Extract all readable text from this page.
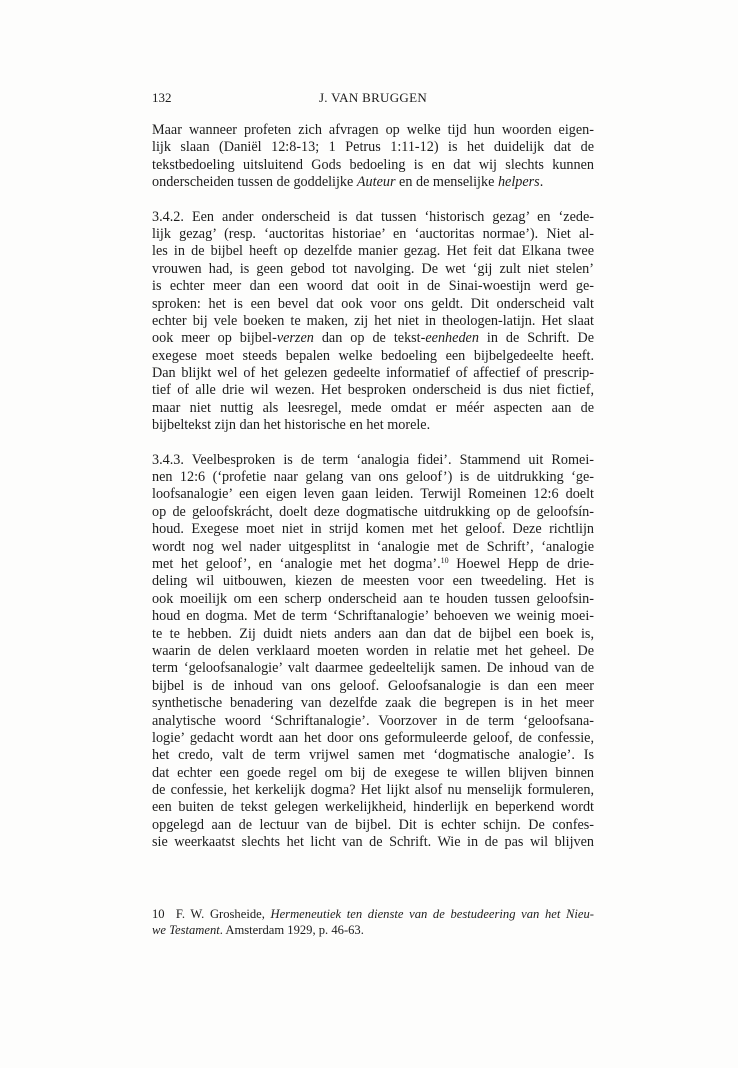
132	J. VAN BRUGGEN

Maar wanneer profeten zich afvragen op welke tijd hun woorden eigen-
lijk slaan (Daniël 12:8-13; 1 Petrus 1:11-12) is het duidelijk dat de
tekstbedoeling uitsluitend Gods bedoeling is en dat wij slechts kunnen
onderscheiden tussen de goddelijke Auteur en de menselijke helpers.

3.4.2. Een ander onderscheid is dat tussen ‘historisch gezag’ en ‘zede-
lijk gezag’ (resp. ‘auctoritas historiae’ en ‘auctoritas normae’). Niet al-
les in de bijbel heeft op dezelfde manier gezag. Het feit dat Elkana twee
vrouwen had, is geen gebod tot navolging. De wet ‘gij zult niet stelen’
is echter meer dan een woord dat ooit in de Sinai-woestijn werd ge-
sproken: het is een bevel dat ook voor ons geldt. Dit onderscheid valt
echter bij vele boeken te maken, zij het niet in theologen-latijn. Het slaat
ook meer op bijbel-verzen dan op de tekst-eenheden in de Schrift. De
exegese moet steeds bepalen welke bedoeling een bijbelgedeelte heeft.
Dan blijkt wel of het gelezen gedeelte informatief of affectief of prescrip-
tief of alle drie wil wezen. Het besproken onderscheid is dus niet fictief,
maar niet nuttig als leesregel, mede omdat er méér aspecten aan de
bijbeltekst zijn dan het historische en het morele.

3.4.3. Veelbesproken is de term ‘analogia fidei’. Stammend uit Romei-
nen 12:6 (‘profetie naar gelang van ons geloof’) is de uitdrukking ‘ge-
loofsanalogie’ een eigen leven gaan leiden. Terwijl Romeinen 12:6 doelt
op de geloofskrácht, doelt deze dogmatische uitdrukking op de geloofsín-
houd. Exegese moet niet in strijd komen met het geloof. Deze richtlijn
wordt nog wel nader uitgesplitst in ‘analogie met de Schrift’, ‘analogie
met het geloof’, en ‘analogie met het dogma’.$^{10}$ Hoewel Hepp de drie-
deling wil uitbouwen, kiezen de meesten voor een tweedeling. Het is
ook moeilijk om een scherp onderscheid aan te houden tussen geloofsin-
houd en dogma. Met de term ‘Schriftanalogie’ behoeven we weinig moei-
te te hebben. Zij duidt niets anders aan dan dat de bijbel een boek is,
waarin de delen verklaard moeten worden in relatie met het geheel. De
term ‘geloofsanalogie’ valt daarmee gedeeltelijk samen. De inhoud van de
bijbel is de inhoud van ons geloof. Geloofsanalogie is dan een meer
synthetische benadering van dezelfde zaak die begrepen is in het meer
analytische woord ‘Schriftanalogie’. Voorzover in de term ‘geloofsana-
logie’ gedacht wordt aan het door ons geformuleerde geloof, de confessie,
het credo, valt de term vrijwel samen met ‘dogmatische analogie’. Is
dat echter een goede regel om bij de exegese te willen blijven binnen
de confessie, het kerkelijk dogma? Het lijkt alsof nu menselijk formuleren,
een buiten de tekst gelegen werkelijkheid, hinderlijk en beperkend wordt
opgelegd aan de lectuur van de bijbel. Dit is echter schijn. De confes-
sie weerkaatst slechts het licht van de Schrift. Wie in de pas wil blijven

10 F. W. Grosheide, Hermeneutiek ten dienste van de bestudeering van het Nieu-
we Testament. Amsterdam 1929, p. 46-63.
